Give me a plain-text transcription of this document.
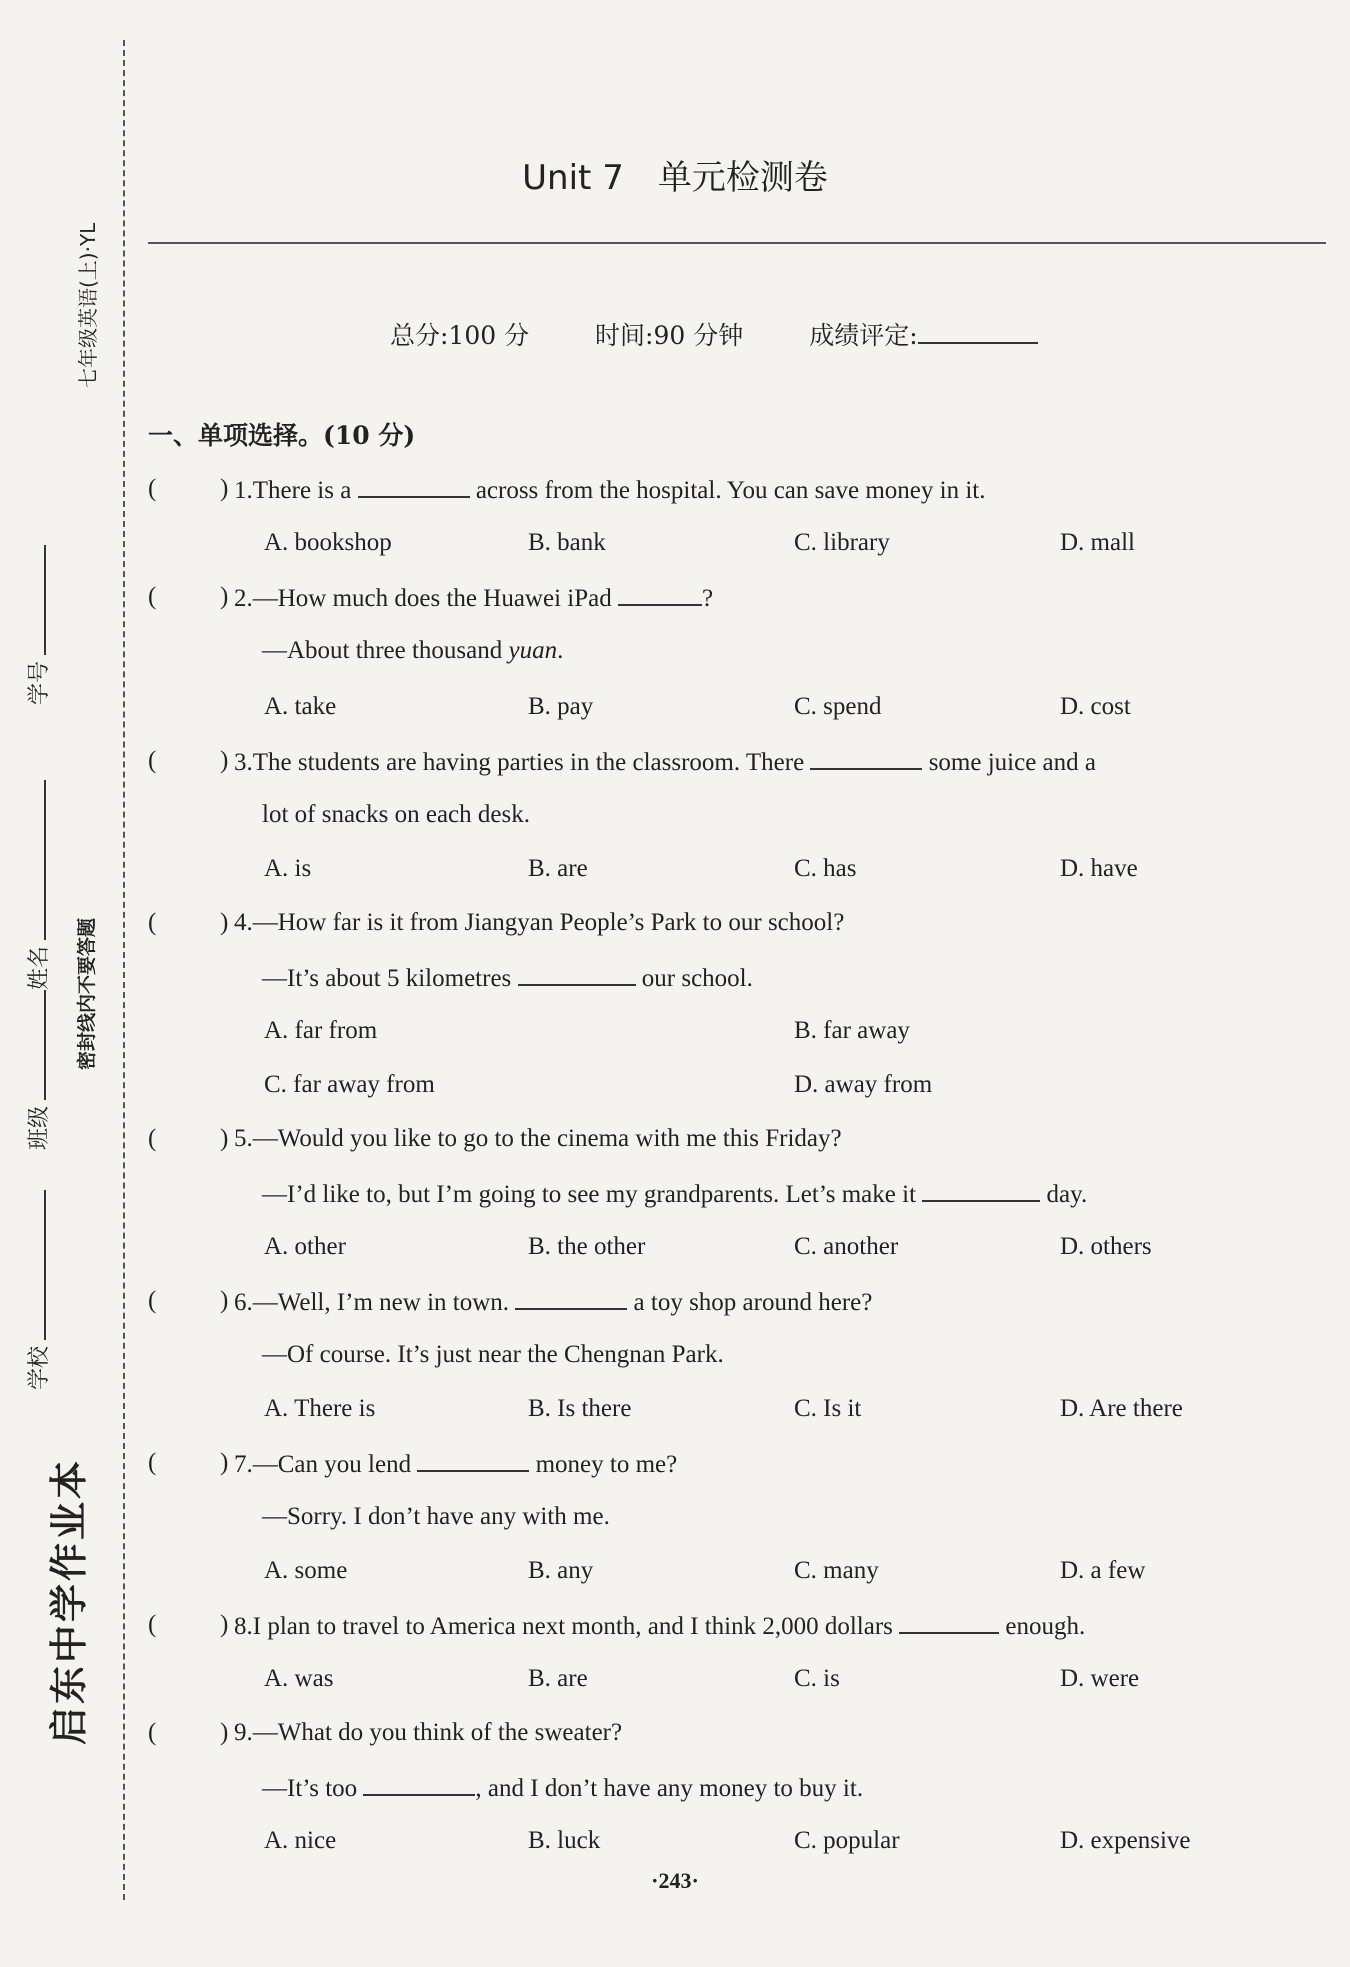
七年级英语(上)·YL
学号
姓名 密封线内不要答题
班级
学校
启东中学作业本
Unit 7　单元检测卷
总分:100 分	时间:90 分钟	成绩评定:
一、单项选择。(10 分)
(	) 1.There is a	across from the hospital. You can save money in it.
A. bookshop	B. bank	C. library	D. mall
(	) 2.—How much does the Huawei iPad	?
—About three thousand yuan.
A. take	B. pay	C. spend	D. cost
(	) 3.The students are having parties in the classroom. There	some juice and a
lot of snacks on each desk.
A. is	B. are	C. has	D. have
(	) 4.—How far is it from Jiangyan People’s Park to our school?
—It’s about 5 kilometres	our school.
A. far from	B. far away
C. far away from	D. away from
(	) 5.—Would you like to go to the cinema with me this Friday?
—I’d like to, but I’m going to see my grandparents. Let’s make it	day.
A. other	B. the other	C. another	D. others
(	) 6.—Well, I’m new in town.	a toy shop around here?
—Of course. It’s just near the Chengnan Park.
A. There is	B. Is there	C. Is it	D. Are there
(	) 7.—Can you lend	money to me?
—Sorry. I don’t have any with me.
A. some	B. any	C. many	D. a few
(	) 8.I plan to travel to America next month, and I think 2,000 dollars	enough.
A. was	B. are	C. is	D. were
(	) 9.—What do you think of the sweater?
—It’s too	, and I don’t have any money to buy it.
A. nice	B. luck	C. popular	D. expensive
·243·
